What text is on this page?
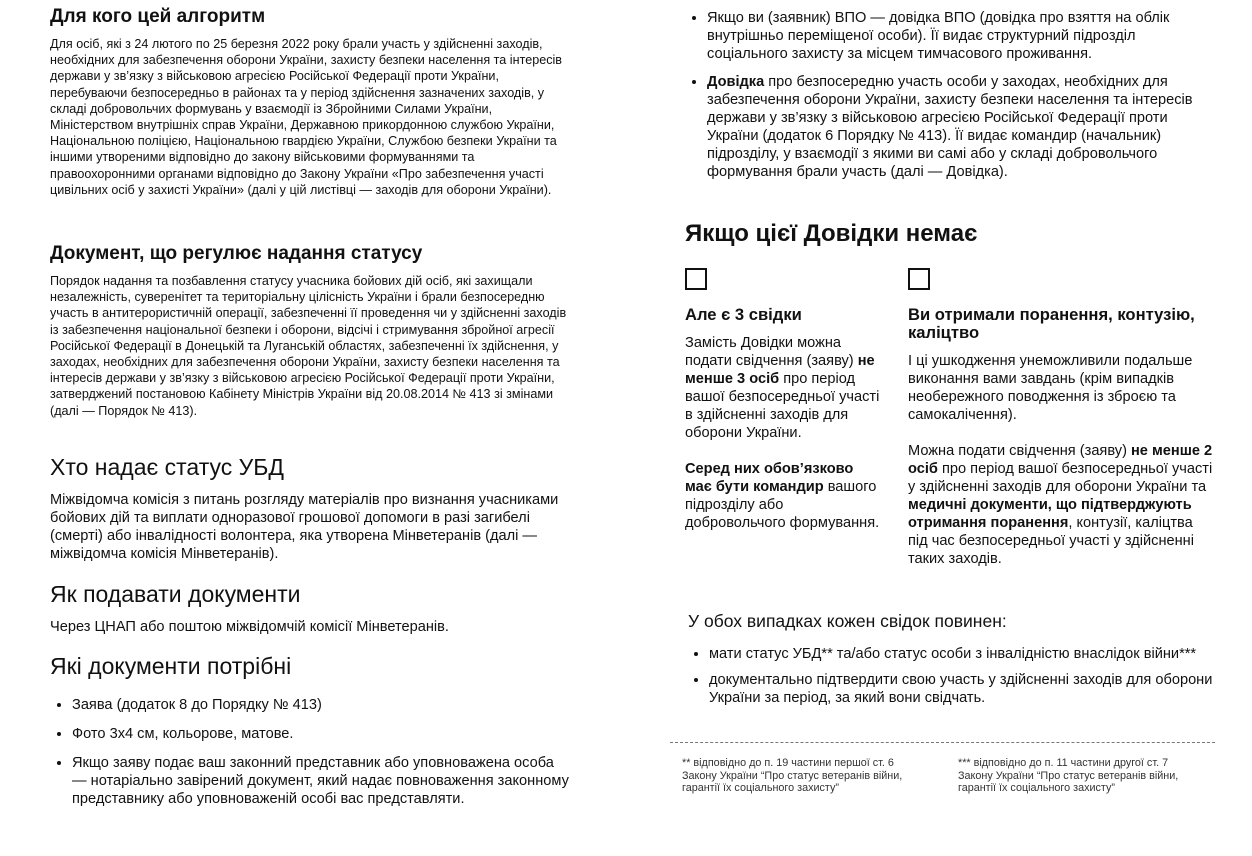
Для кого цей алгоритм

Для осіб, які з 24 лютого по 25 березня 2022 року брали участь у здійсненні заходів, необхідних для забезпечення оборони України, захисту безпеки населення та інтересів держави у зв’язку з військовою агресією Російської Федерації проти України, перебуваючи безпосередньо в районах та у період здійснення зазначених заходів, у складі добровольчих формувань у взаємодії із Збройними Силами України, Міністерством внутрішніх справ України, Державною прикордонною службою України, Національною поліцією, Національною гвардією України, Службою безпеки України та іншими утвореними відповідно до закону військовими формуваннями та правоохоронними органами відповідно до Закону України «Про забезпечення участі цивільних осіб у захисті України» (далі у цій листівці — заходів для оборони України).

Документ, що регулює надання статусу

Порядок надання та позбавлення статусу учасника бойових дій осіб, які захищали незалежність, суверенітет та територіальну цілісність України і брали безпосередню участь в антитерористичній операції, забезпеченні її проведення чи у здійсненні заходів із забезпечення національної безпеки і оборони, відсічі і стримування збройної агресії Російської Федерації в Донецькій та Луганській областях, забезпеченні їх здійснення, у заходах, необхідних для забезпечення оборони України, захисту безпеки населення та інтересів держави у зв’язку з військовою агресією Російської Федерації проти України, затверджений постановою Кабінету Міністрів України від 20.08.2014 № 413 зі змінами (далі — Порядок № 413).

Хто надає статус УБД

Міжвідомча комісія з питань розгляду матеріалів про визнання учасниками бойових дій та виплати одноразової грошової допомоги в разі загибелі (смерті) або інвалідності волонтера, яка утворена Мінветеранів (далі — міжвідомча комісія Мінветеранів).

Як подавати документи

Через ЦНАП або поштою міжвідомчій комісії Мінветеранів.

Які документи потрібні
• Заява (додаток 8 до Порядку № 413)
• Фото 3х4 см, кольорове, матове.
• Якщо заяву подає ваш законний представник або уповноважена особа — нотаріально завірений документ, який надає повноваження законному представнику або уповноваженій особі вас представляти.
• Якщо ви (заявник) ВПО — довідка ВПО (довідка про взяття на облік внутрішньо переміщеної особи). Її видає структурний підрозділ соціального захисту за місцем тимчасового проживання.
• Довідка про безпосередню участь особи у заходах, необхідних для забезпечення оборони України, захисту безпеки населення та інтересів держави у зв’язку з військовою агресією Російської Федерації проти України (додаток 6 Порядку № 413). Її видає командир (начальник) підрозділу, у взаємодії з якими ви самі або у складі добровольчого формування брали участь (далі — Довідка).
Якщо цієї Довідки немає
Але є 3 свідки

Замість Довідки можна подати свідчення (заяву) не менше 3 осіб про період вашої безпосередньої участі в здійсненні заходів для оборони України.

Серед них обов’язково має бути командир вашого підрозділу або добровольчого формування.

Ви отримали поранення, контузію, каліцтво

І ці ушкодження унеможливили подальше виконання вами завдань (крім випадків необережного поводження із зброєю та самокалічення).

Можна подати свідчення (заяву) не менше 2 осіб про період вашої безпосередньої участі у здійсненні заходів для оборони України та медичні документи, що підтверджують отримання поранення, контузії, каліцтва під час безпосередньої участі у здійсненні таких заходів.

У обох випадках кожен свідок повинен:
• мати статус УБД** та/або статус особи з інвалідністю внаслідок війни***
• документально підтвердити свою участь у здійсненні заходів для оборони України за період, за який вони свідчать.
** відповідно до п. 19 частини першої ст. 6 Закону України “Про статус ветеранів війни, гарантії їх соціального захисту”
*** відповідно до п. 11 частини другої ст. 7 Закону України “Про статус ветеранів війни, гарантії їх соціального захисту”
